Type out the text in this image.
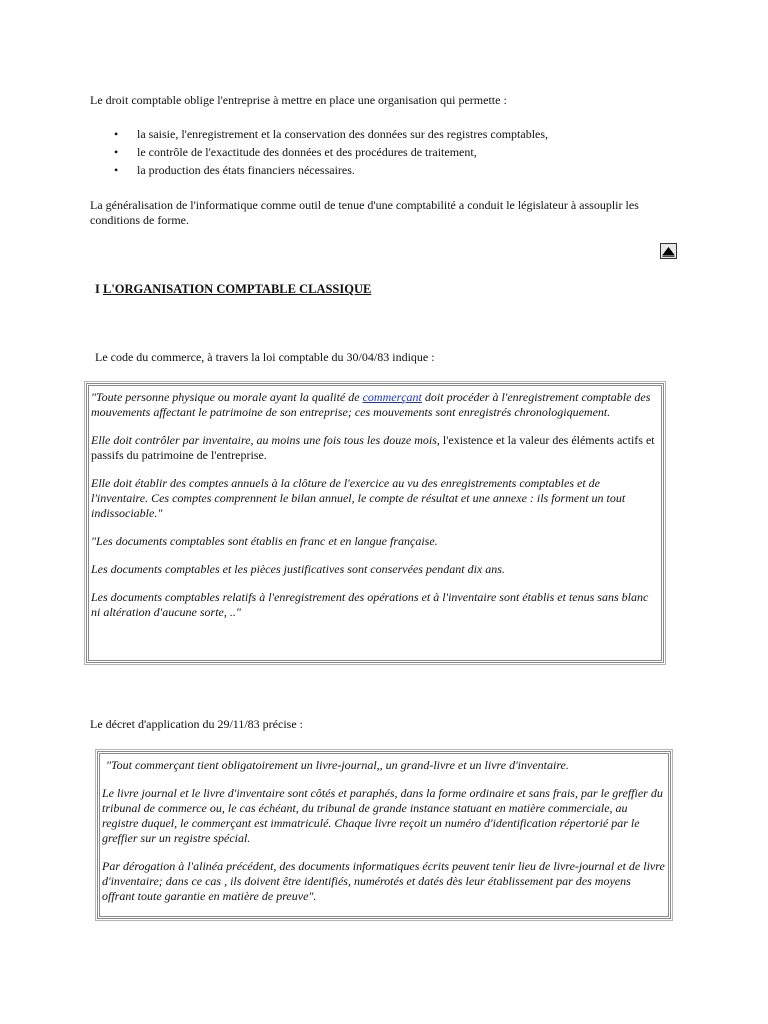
Le droit comptable oblige l'entreprise à mettre en place une organisation qui permette :

• la saisie, l'enregistrement et la conservation des données sur des registres comptables,
• le contrôle de l'exactitude des données et des procédures de traitement,
• la production des états financiers nécessaires.

La généralisation de l'informatique comme outil de tenue d'une comptabilité a conduit le législateur à assouplir les conditions de forme.

I L'ORGANISATION COMPTABLE CLASSIQUE

Le code du commerce, à travers la loi comptable du 30/04/83 indique :

"Toute personne physique ou morale ayant la qualité de commerçant doit procéder à l'enregistrement comptable des mouvements affectant le patrimoine de son entreprise; ces mouvements sont enregistrés chronologiquement.

Elle doit contrôler par inventaire, au moins une fois tous les douze mois, l'existence et la valeur des éléments actifs et passifs du patrimoine de l'entreprise.

Elle doit établir des comptes annuels à la clôture de l'exercice au vu des enregistrements comptables et de l'inventaire. Ces comptes comprennent le bilan annuel, le compte de résultat et une annexe : ils forment un tout indissociable."

"Les documents comptables sont établis en franc et en langue française.

Les documents comptables et les pièces justificatives sont conservées pendant dix ans.

Les documents comptables relatifs à l'enregistrement des opérations et à l'inventaire sont établis et tenus sans blanc ni altération d'aucune sorte, .."

Le décret d'application du 29/11/83 précise :

"Tout commerçant tient obligatoirement un livre-journal,, un grand-livre et un livre d'inventaire.

Le livre journal et le livre d'inventaire sont côtés et paraphés, dans la forme ordinaire et sans frais, par le greffier du tribunal de commerce ou, le cas échéant, du tribunal de grande instance statuant en matière commerciale, au registre duquel, le commerçant est immatriculé. Chaque livre reçoit un numéro d'identification répertorié par le greffier sur un registre spécial.

Par dérogation à l'alinéa précédent, des documents informatiques écrits peuvent tenir lieu de livre-journal et de livre d'inventaire; dans ce cas , ils doivent être identifiés, numérotés et datés dès leur établissement par des moyens offrant toute garantie en matière de preuve".
